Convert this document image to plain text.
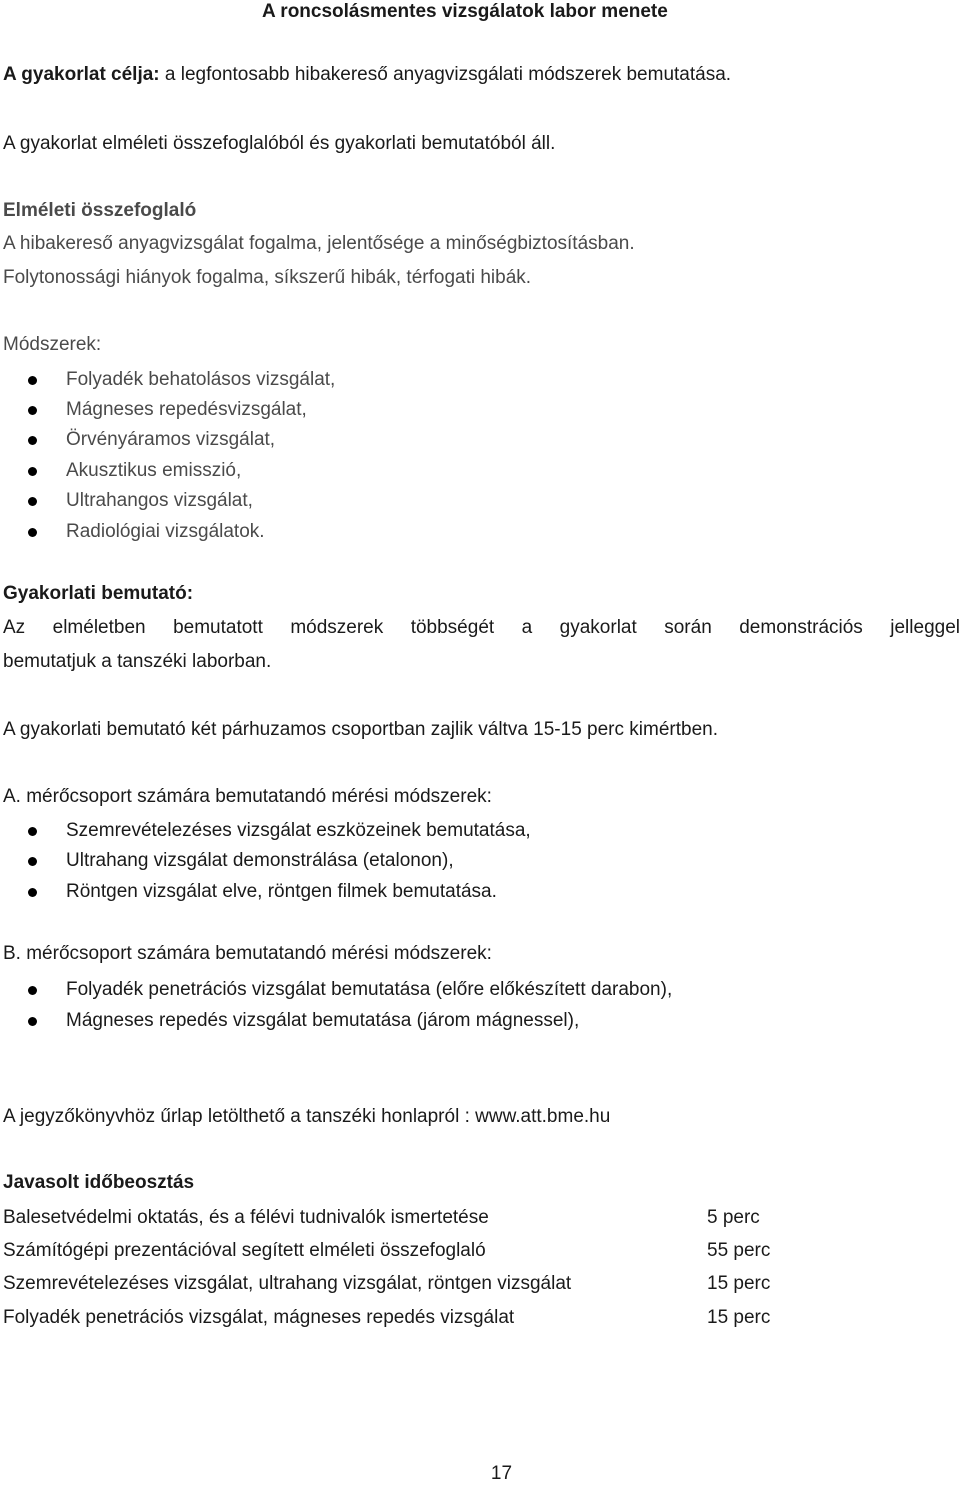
A roncsolásmentes vizsgálatok labor menete
A gyakorlat célja: a legfontosabb hibakereső anyagvizsgálati módszerek bemutatása.
A gyakorlat elméleti összefoglalóból és gyakorlati bemutatóból áll.
Elméleti összefoglaló
A hibakereső anyagvizsgálat fogalma, jelentősége a minőségbiztosításban.
Folytonossági hiányok fogalma, síkszerű hibák, térfogati hibák.
Módszerek:
Folyadék behatolásos vizsgálat,
Mágneses repedésvizsgálat,
Örvényáramos vizsgálat,
Akusztikus emisszió,
Ultrahangos vizsgálat,
Radiológiai vizsgálatok.
Gyakorlati bemutató:
Az elméletben bemutatott módszerek többségét a gyakorlat során demonstrációs jelleggel
bemutatjuk a tanszéki laborban.
A gyakorlati bemutató két párhuzamos csoportban zajlik váltva 15-15 perc kimértben.
A. mérőcsoport számára bemutatandó mérési módszerek:
Szemrevételezéses vizsgálat eszközeinek bemutatása,
Ultrahang vizsgálat demonstrálása (etalonon),
Röntgen vizsgálat elve, röntgen filmek bemutatása.
B. mérőcsoport számára bemutatandó mérési módszerek:
Folyadék penetrációs vizsgálat bemutatása (előre előkészített darabon),
Mágneses repedés vizsgálat bemutatása (járom mágnessel),
A jegyzőkönyvhöz űrlap letölthető a tanszéki honlapról : www.att.bme.hu
Javasolt időbeosztás
Balesetvédelmi oktatás, és a félévi tudnivalók ismertetése	5 perc
Számítógépi prezentációval segített elméleti összefoglaló	55 perc
Szemrevételezéses vizsgálat, ultrahang vizsgálat, röntgen vizsgálat	15 perc
Folyadék penetrációs vizsgálat, mágneses repedés vizsgálat	15 perc
17
